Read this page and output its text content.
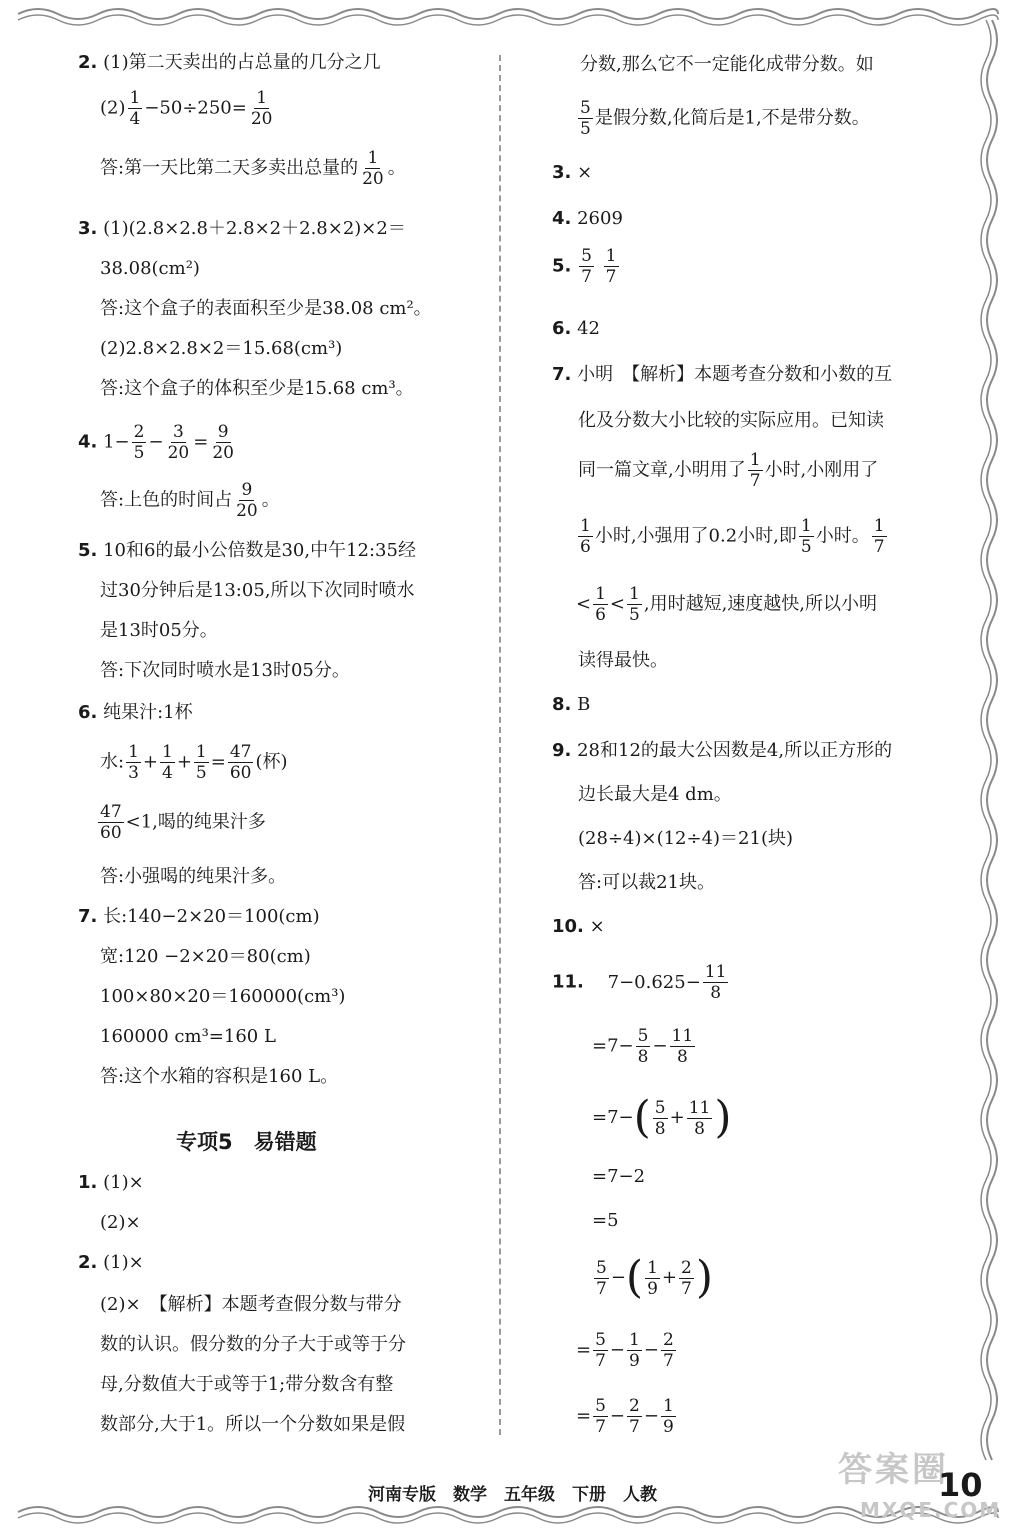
2. (1)第二天卖出的占总量的几分之几
$(2) \frac{1}{4} -50\div 250= \frac{1}{20}$
答:第一天比第二天多卖出总量的 $\frac{1}{20}$ 。
3. (1)(2.8×2.8＋2.8×2＋2.8×2)×2＝
38.08(cm²)
答:这个盒子的表面积至少是38.08 cm²。
(2)2.8×2.8×2＝15.68(cm³)
答:这个盒子的体积至少是15.68 cm³。
4. $1- \frac{2}{5} - \frac{3}{20} = \frac{9}{20}$
答:上色的时间占 $\frac{9}{20}$ 。
5. 10和6的最小公倍数是30,中午12:35经
过30分钟后是13:05,所以下次同时喷水
是13时05分。
答:下次同时喷水是13时05分。
6. 纯果汁:1杯
水: $\frac{1}{3} + \frac{1}{4} + \frac{1}{5} = \frac{47}{60}$ (杯)
$\frac{47}{60} <1$,喝的纯果汁多
答:小强喝的纯果汁多。
7. 长:140−2×20＝100(cm)
宽:120 −2×20＝80(cm)
100×80×20＝160000(cm³)
160000 cm³=160 L
答:这个水箱的容积是160 L。
专项5　易错题
1. (1)×
(2)×
2. (1)×
(2)×　【解析】本题考查假分数与带分
数的认识。假分数的分子大于或等于分
母,分数值大于或等于1;带分数含有整
数部分,大于1。所以一个分数如果是假
分数,那么它不一定能化成带分数。如
$\frac{5}{5}$ 是假分数,化简后是1,不是带分数。
3. ×
4. 2609
5. $\frac{5}{7}$
$\frac{1}{7}$
6. 42
7. 小明　【解析】本题考查分数和小数的互
化及分数大小比较的实际应用。已知读
同一篇文章,小明用了 $\frac{1}{7}$ 小时,小刚用了
$\frac{1}{6}$ 小时,小强用了0.2小时,即 $\frac{1}{5}$ 小时。 $\frac{1}{7}$
< $\frac{1}{6} < \frac{1}{5}$ ,用时越短,速度越快,所以小明
读得最快。
8. B
9. 28和12的最大公因数是4,所以正方形的
边长最大是4 dm。
(28÷4)×(12÷4)＝21(块)
答:可以裁21块。
10. ×
11. $7-0.625- \frac{11}{8}$
$=7- \frac{5}{8} - \frac{11}{8}$
$=7-( \frac{5}{8} + \frac{11}{8}$ )
=7−2
=5
$\frac{5}{7}$ −( $\frac{1}{9} + \frac{2}{7}$ )
= $\frac{5}{7} - \frac{1}{9} - \frac{2}{7}$
= $\frac{5}{7} - \frac{2}{7} - \frac{1}{9}$
河南专版　数学　五年级　下册　人教
答案圈
MXQE.COM
10
